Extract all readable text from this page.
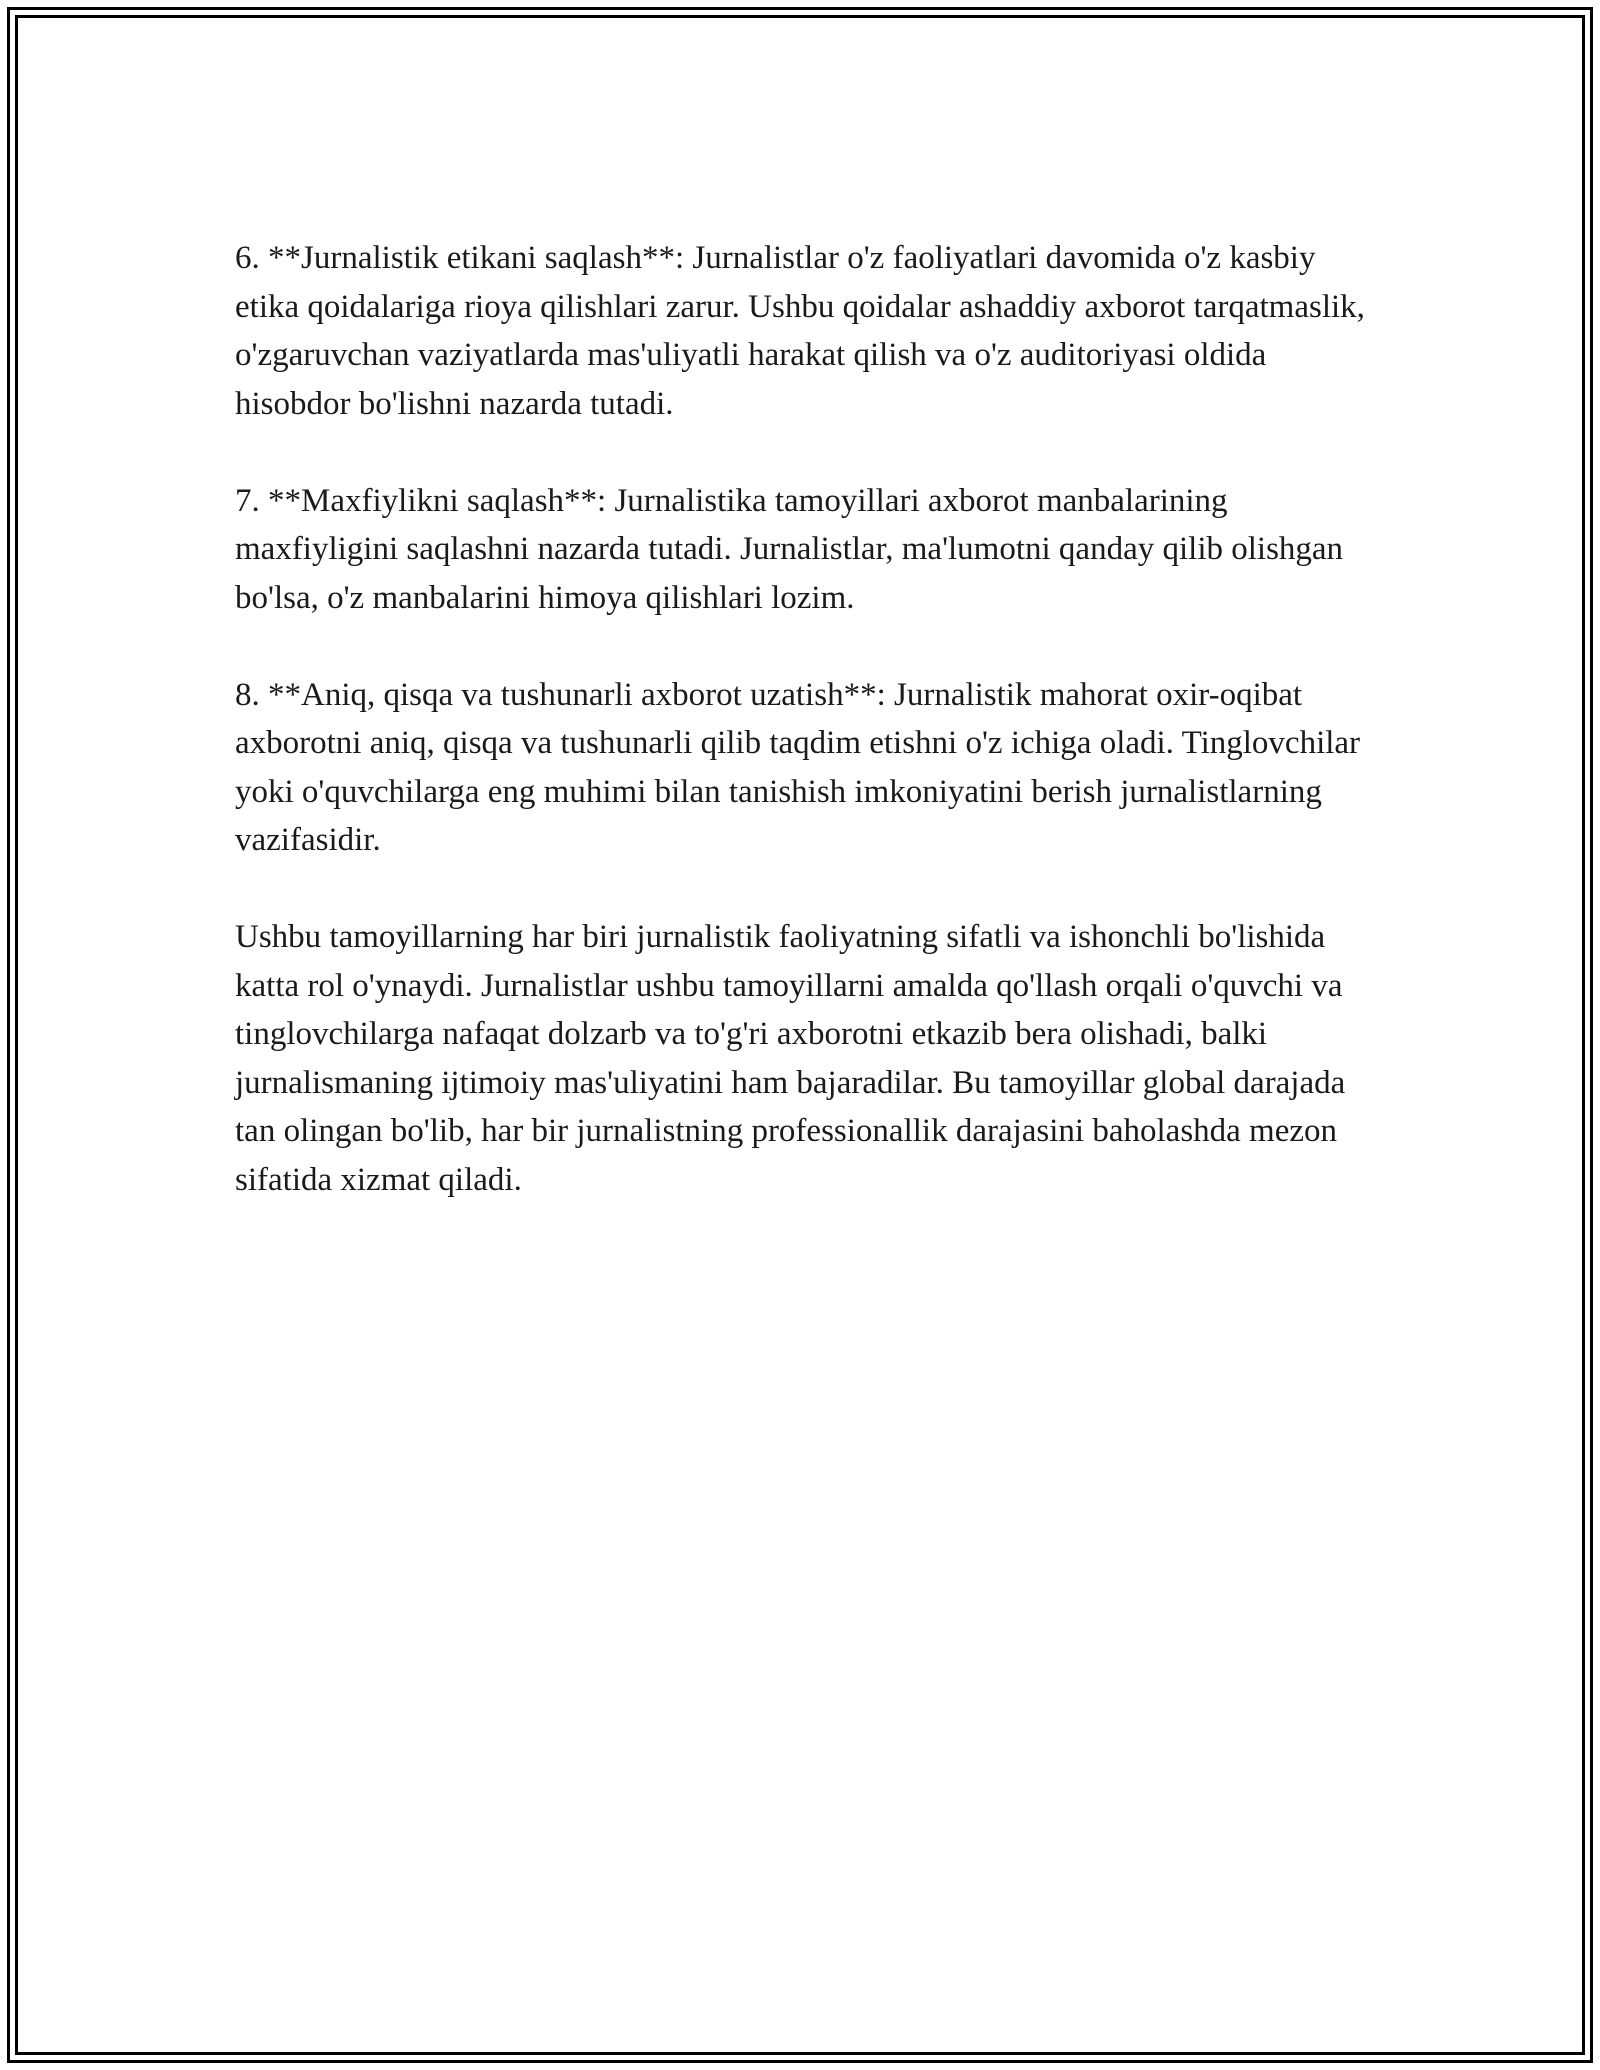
6. **Jurnalistik etikani saqlash**: Jurnalistlar o'z faoliyatlari davomida o'z kasbiy etika qoidalariga rioya qilishlari zarur. Ushbu qoidalar ashaddiy axborot tarqatmaslik, o'zgaruvchan vaziyatlarda mas'uliyatli harakat qilish va o'z auditoriyasi oldida hisobdor bo'lishni nazarda tutadi.

7. **Maxfiylikni saqlash**: Jurnalistika tamoyillari axborot manbalarining maxfiyligini saqlashni nazarda tutadi. Jurnalistlar, ma'lumotni qanday qilib olishgan bo'lsa, o'z manbalarini himoya qilishlari lozim.

8. **Aniq, qisqa va tushunarli axborot uzatish**: Jurnalistik mahorat oxir-oqibat axborotni aniq, qisqa va tushunarli qilib taqdim etishni o'z ichiga oladi. Tinglovchilar yoki o'quvchilarga eng muhimi bilan tanishish imkoniyatini berish jurnalistlarning vazifasidir.

Ushbu tamoyillarning har biri jurnalistik faoliyatning sifatli va ishonchli bo'lishida katta rol o'ynaydi. Jurnalistlar ushbu tamoyillarni amalda qo'llash orqali o'quvchi va tinglovchilarga nafaqat dolzarb va to'g'ri axborotni etkazib bera olishadi, balki jurnalismaning ijtimoiy mas'uliyatini ham bajaradilar. Bu tamoyillar global darajada tan olingan bo'lib, har bir jurnalistning professionallik darajasini baholashda mezon sifatida xizmat qiladi.
